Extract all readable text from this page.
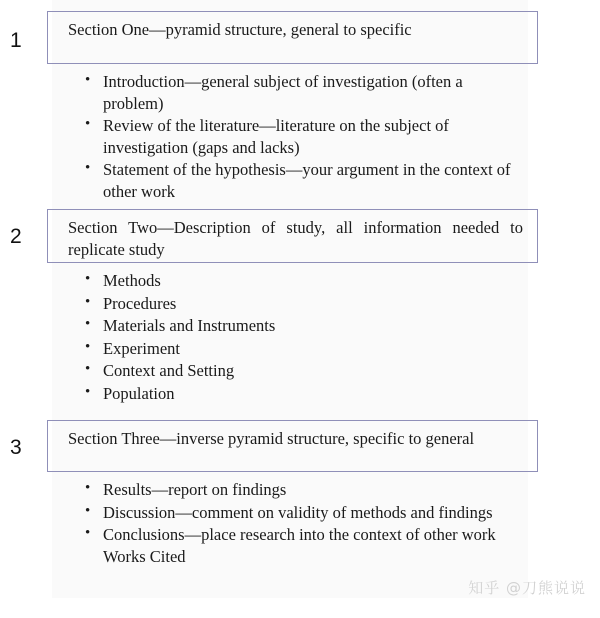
1	Section One—pyramid structure, general to specific
• Introduction—general subject of investigation (often a problem)
• Review of the literature—literature on the subject of investigation (gaps and lacks)
• Statement of the hypothesis—your argument in the context of other work
2	Section Two—Description of study, all information needed to replicate study
• Methods
• Procedures
• Materials and Instruments
• Experiment
• Context and Setting
• Population
3	Section Three—inverse pyramid structure, specific to general
• Results—report on findings
• Discussion—comment on validity of methods and findings
• Conclusions—place research into the context of other work Works Cited
知乎 @刀熊说说
